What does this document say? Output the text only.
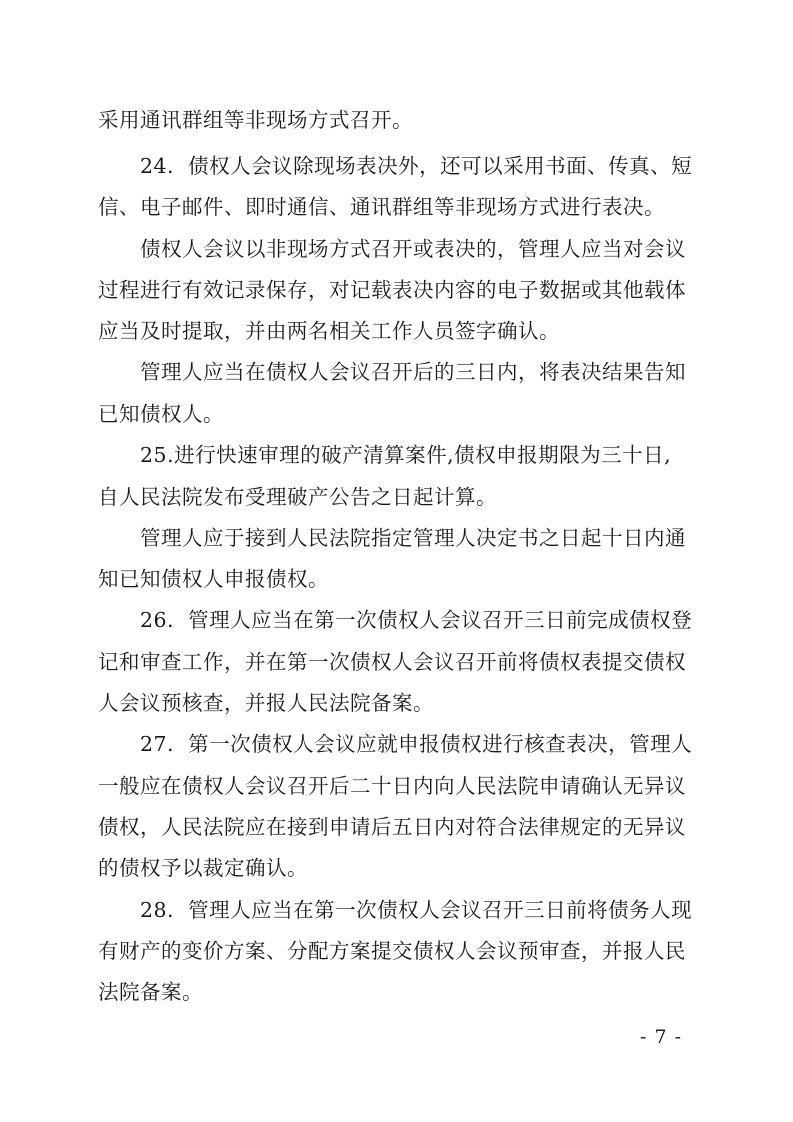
采用通讯群组等非现场方式召开。
24．债权人会议除现场表决外，还可以采用书面、传真、短
信、电子邮件、即时通信、通讯群组等非现场方式进行表决。
债权人会议以非现场方式召开或表决的，管理人应当对会议
过程进行有效记录保存，对记载表决内容的电子数据或其他载体
应当及时提取，并由两名相关工作人员签字确认。
管理人应当在债权人会议召开后的三日内，将表决结果告知
已知债权人。
25.进行快速审理的破产清算案件,债权申报期限为三十日,
自人民法院发布受理破产公告之日起计算。
管理人应于接到人民法院指定管理人决定书之日起十日内通
知已知债权人申报债权。
26．管理人应当在第一次债权人会议召开三日前完成债权登
记和审查工作，并在第一次债权人会议召开前将债权表提交债权
人会议预核查，并报人民法院备案。
27．第一次债权人会议应就申报债权进行核查表决，管理人
一般应在债权人会议召开后二十日内向人民法院申请确认无异议
债权，人民法院应在接到申请后五日内对符合法律规定的无异议
的债权予以裁定确认。
28．管理人应当在第一次债权人会议召开三日前将债务人现
有财产的变价方案、分配方案提交债权人会议预审查，并报人民
法院备案。
- 7 -
